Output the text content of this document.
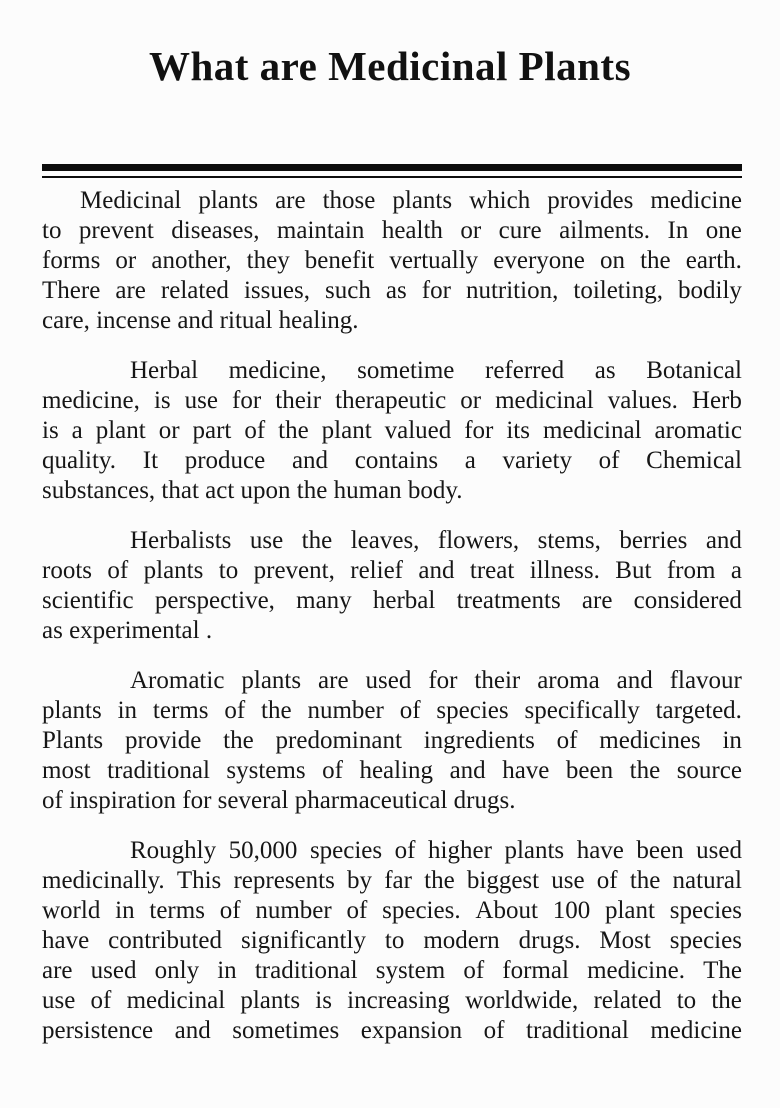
What are Medicinal Plants
Medicinal plants are those plants which provides medicine
to prevent diseases, maintain health or cure ailments. In one
forms or another, they benefit vertually everyone on the earth.
There are related issues, such as for nutrition, toileting, bodily
care, incense and ritual healing.
Herbal medicine, sometime referred as Botanical
medicine, is use for their therapeutic or medicinal values. Herb
is a plant or part of the plant valued for its medicinal aromatic
quality. It produce and contains a variety of Chemical
substances, that act upon the human body.
Herbalists use the leaves, flowers, stems, berries and
roots of plants to prevent, relief and treat illness. But from a
scientific perspective, many herbal treatments are considered
as experimental .
Aromatic plants are used for their aroma and flavour
plants in terms of the number of species specifically targeted.
Plants provide the predominant ingredients of medicines in
most traditional systems of healing and have been the source
of inspiration for several pharmaceutical drugs.
Roughly 50,000 species of higher plants have been used
medicinally. This represents by far the biggest use of the natural
world in terms of number of species. About 100 plant species
have contributed significantly to modern drugs. Most species
are used only in traditional system of formal medicine. The
use of medicinal plants is increasing worldwide, related to the
persistence and sometimes expansion of traditional medicine
